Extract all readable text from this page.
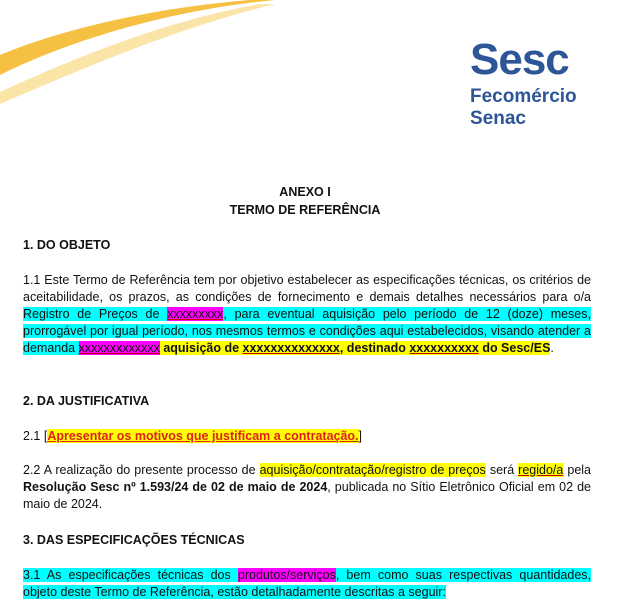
Sesc
Fecomércio
Senac
ANEXO I
TERMO DE REFERÊNCIA
1. DO OBJETO
1.1 Este Termo de Referência tem por objetivo estabelecer as especificações técnicas, os critérios de aceitabilidade, os prazos, as condições de fornecimento e demais detalhes necessários para o/a Registro de Preços de xxxxxxxxx, para eventual aquisição pelo período de 12 (doze) meses, prorrogável por igual período, nos mesmos termos e condições aqui estabelecidos, visando atender a demanda xxxxxxxxxxxxx aquisição de xxxxxxxxxxxxxx, destinado xxxxxxxxxx do Sesc/ES.
2. DA JUSTIFICATIVA
2.1 [Apresentar os motivos que justificam a contratação.]
2.2 A realização do presente processo de aquisição/contratação/registro de preços será regido/a pela Resolução Sesc nº 1.593/24 de 02 de maio de 2024, publicada no Sítio Eletrônico Oficial em 02 de maio de 2024.
3. DAS ESPECIFICAÇÕES TÉCNICAS
3.1 As especificações técnicas dos produtos/serviços, bem como suas respectivas quantidades, objeto deste Termo de Referência, estão detalhadamente descritas a seguir:
